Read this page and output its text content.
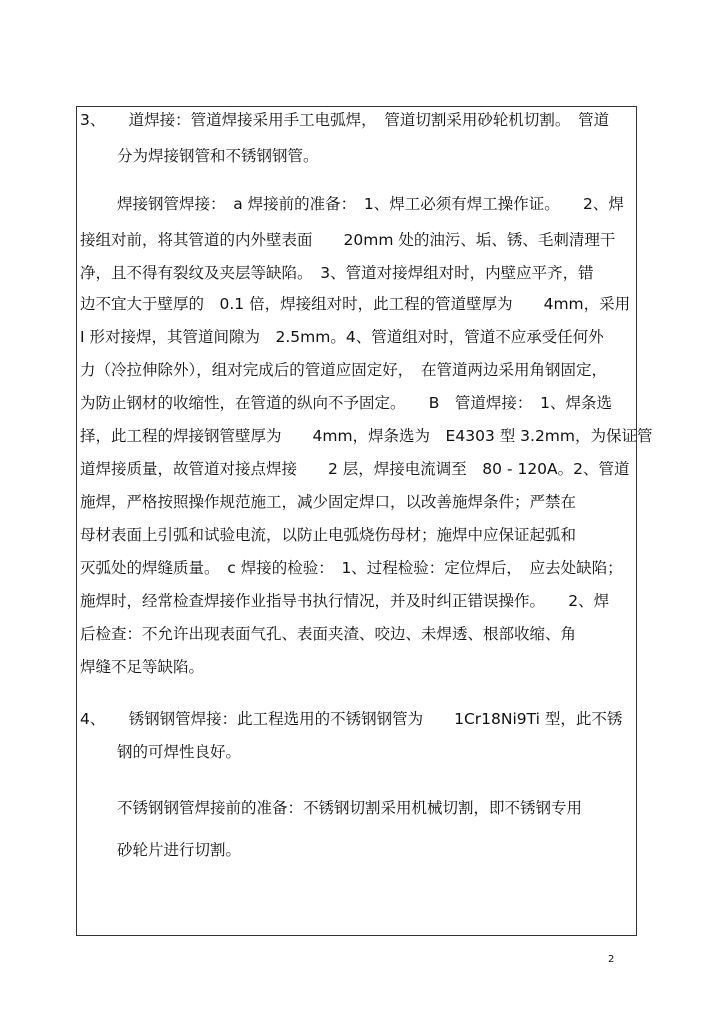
3、　　道焊接：管道焊接采用手工电弧焊，　管道切割采用砂轮机切割。　管道
分为焊接钢管和不锈钢钢管。
焊接钢管焊接：　a 焊接前的准备：　1、焊工必须有焊工操作证。　　2、焊
接组对前，将其管道的内外壁表面　　20mm 处的油污、垢、锈、毛刺清理干
净，且不得有裂纹及夹层等缺陷。　3、管道对接焊组对时，内壁应平齐，错
边不宜大于壁厚的　0.1 倍，焊接组对时，此工程的管道壁厚为　　4mm，采用
I 形对接焊，其管道间隙为　2.5mm。4、管道组对时，管道不应承受任何外
力（冷拉伸除外），组对完成后的管道应固定好，　在管道两边采用角钢固定，
为防止钢材的收缩性，在管道的纵向不予固定。　　B　管道焊接：　1、焊条选
择，此工程的焊接钢管壁厚为　　4mm，焊条选为　E4303 型 3.2mm，为保证管
道焊接质量，故管道对接点焊接　　2 层，焊接电流调至　80 - 120A。2、管道
施焊，严格按照操作规范施工，减少固定焊口，以改善施焊条件；严禁在
母材表面上引弧和试验电流，以防止电弧烧伤母材；施焊中应保证起弧和
灭弧处的焊缝质量。　c 焊接的检验：　1、过程检验：定位焊后，　应去处缺陷；
施焊时，经常检查焊接作业指导书执行情况，并及时纠正错误操作。　　2、焊
后检查：不允许出现表面气孔、表面夹渣、咬边、未焊透、根部收缩、角
焊缝不足等缺陷。
4、　　锈钢钢管焊接：此工程选用的不锈钢钢管为　　1Cr18Ni9Ti 型，此不锈
钢的可焊性良好。
不锈钢钢管焊接前的准备：不锈钢切割采用机械切割，即不锈钢专用
砂轮片进行切割。
2
